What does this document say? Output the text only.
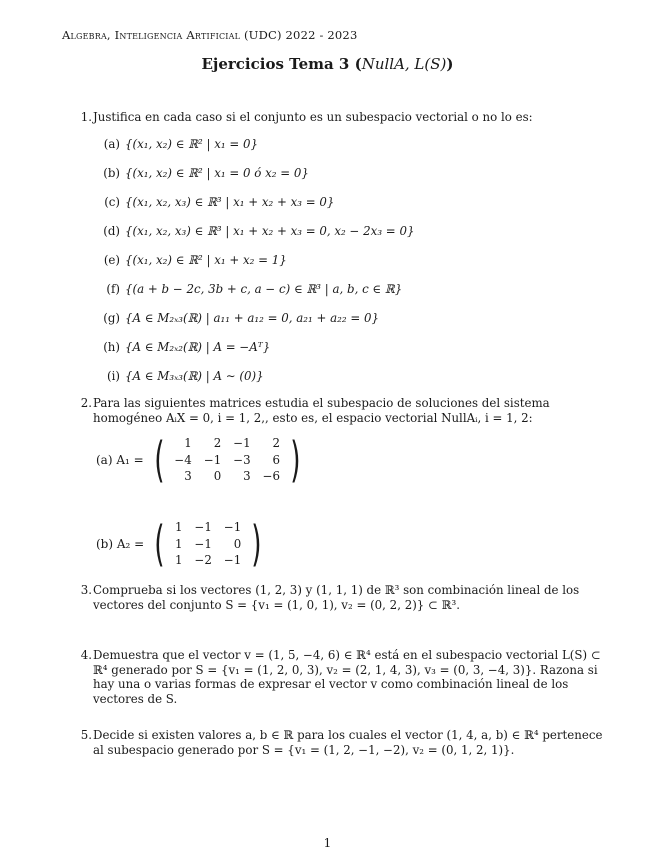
Algebra, Inteligencia Artificial (UDC) 2022 - 2023
Ejercicios Tema 3 (NullA, L(S))
1. Justifica en cada caso si el conjunto es un subespacio vectorial o no lo es:
(a) {(x₁, x₂) ∈ ℝ² | x₁ = 0}
(b) {(x₁, x₂) ∈ ℝ² | x₁ = 0 ó x₂ = 0}
(c) {(x₁, x₂, x₃) ∈ ℝ³ | x₁ + x₂ + x₃ = 0}
(d) {(x₁, x₂, x₃) ∈ ℝ³ | x₁ + x₂ + x₃ = 0, x₂ − 2x₃ = 0}
(e) {(x₁, x₂) ∈ ℝ² | x₁ + x₂ = 1}
(f) {(a + b − 2c, 3b + c, a − c) ∈ ℝ³ | a, b, c ∈ ℝ}
(g) {A ∈ M₂ₓ₃(ℝ) | a₁₁ + a₁₂ = 0, a₂₁ + a₂₂ = 0}
(h) {A ∈ M₂ₓ₂(ℝ) | A = −Aᵀ}
(i) {A ∈ M₃ₓ₃(ℝ) | A ∼ (0)}
2. Para las siguientes matrices estudia el subespacio de soluciones del sistema homogéneo AᵢX = 0, i = 1, 2,, esto es, el espacio vectorial NullAᵢ, i = 1, 2:
(a) A₁ = ( 1	2	−1	2
−4	−1	−3	6
3	0	3	−6 )
(b) A₂ = ( 1	−1	−1
1	−1	0
1	−2	−1 )
3. Comprueba si los vectores (1, 2, 3) y (1, 1, 1) de ℝ³ son combinación lineal de los vectores del conjunto S = {v₁ = (1, 0, 1), v₂ = (0, 2, 2)} ⊂ ℝ³.
4. Demuestra que el vector v = (1, 5, −4, 6) ∈ ℝ⁴ está en el subespacio vectorial L(S) ⊂ ℝ⁴ generado por S = {v₁ = (1, 2, 0, 3), v₂ = (2, 1, 4, 3), v₃ = (0, 3, −4, 3)}. Razona si hay una o varias formas de expresar el vector v como combinación lineal de los vectores de S.
5. Decide si existen valores a, b ∈ ℝ para los cuales el vector (1, 4, a, b) ∈ ℝ⁴ pertenece al subespacio generado por S = {v₁ = (1, 2, −1, −2), v₂ = (0, 1, 2, 1)}.
1
